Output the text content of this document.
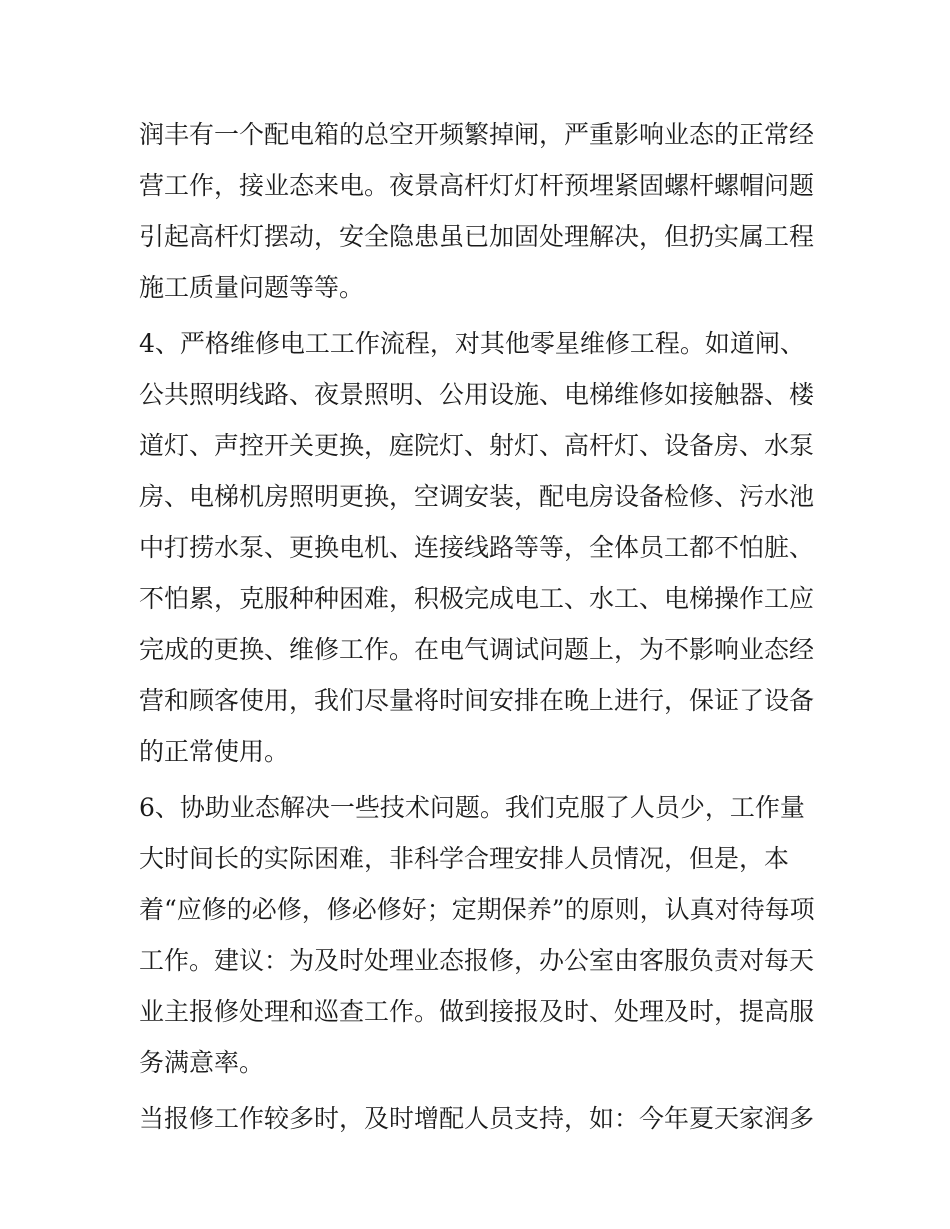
润丰有一个配电箱的总空开频繁掉闸，严重影响业态的正常经
营工作，接业态来电。夜景高杆灯灯杆预埋紧固螺杆螺帽问题
引起高杆灯摆动，安全隐患虽已加固处理解决，但扔实属工程
施工质量问题等等。
4、严格维修电工工作流程，对其他零星维修工程。如道闸、
公共照明线路、夜景照明、公用设施、电梯维修如接触器、楼
道灯、声控开关更换，庭院灯、射灯、高杆灯、设备房、水泵
房、电梯机房照明更换，空调安装，配电房设备检修、污水池
中打捞水泵、更换电机、连接线路等等，全体员工都不怕脏、
不怕累，克服种种困难，积极完成电工、水工、电梯操作工应
完成的更换、维修工作。在电气调试问题上，为不影响业态经
营和顾客使用，我们尽量将时间安排在晚上进行，保证了设备
的正常使用。
6、协助业态解决一些技术问题。我们克服了人员少，工作量
大时间长的实际困难，非科学合理安排人员情况，但是，本
着“应修的必修，修必修好；定期保养”的原则，认真对待每项
工作。建议：为及时处理业态报修，办公室由客服负责对每天
业主报修处理和巡查工作。做到接报及时、处理及时，提高服
务满意率。
当报修工作较多时，及时增配人员支持，如：今年夏天家润多
